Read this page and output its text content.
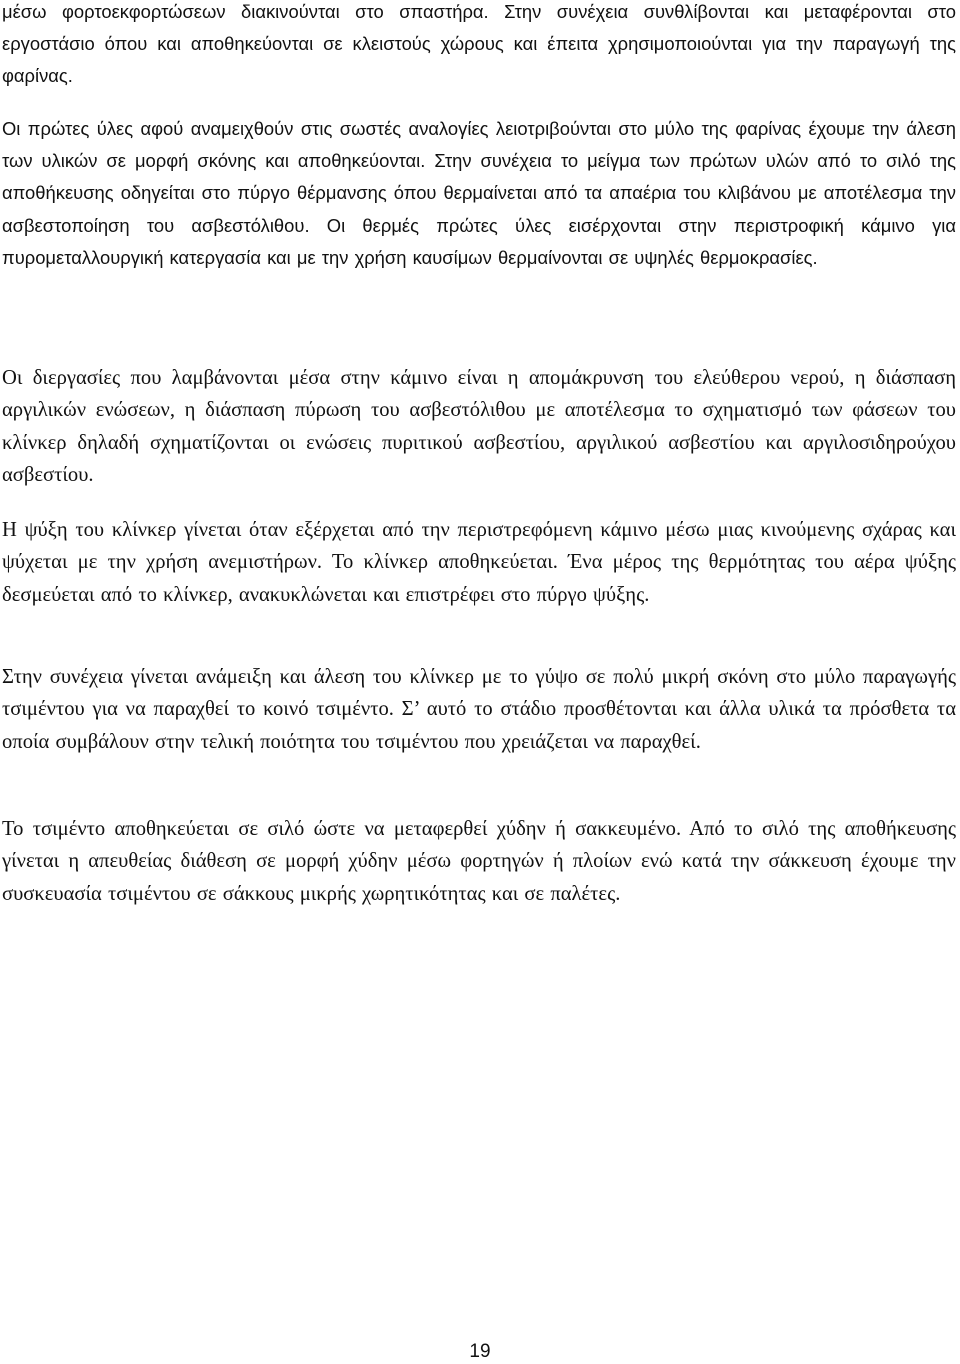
μέσω φορτοεκφορτώσεων διακινούνται στο σπαστήρα. Στην συνέχεια συνθλίβονται και μεταφέρονται στο εργοστάσιο όπου και αποθηκεύονται σε κλειστούς χώρους και έπειτα χρησιμοποιούνται για την παραγωγή της φαρίνας.

Οι πρώτες ύλες αφού αναμειχθούν στις σωστές αναλογίες λειοτριβούνται στο μύλο της φαρίνας έχουμε την άλεση των υλικών σε μορφή σκόνης και αποθηκεύονται. Στην συνέχεια το μείγμα των πρώτων υλών από το σιλό της αποθήκευσης οδηγείται στο πύργο θέρμανσης όπου θερμαίνεται από τα απαέρια του κλιβάνου με αποτέλεσμα την ασβεστοποίηση του ασβεστόλιθου. Οι θερμές πρώτες ύλες εισέρχονται στην περιστροφική κάμινο για πυρομεταλλουργική κατεργασία και με την χρήση καυσίμων θερμαίνονται σε υψηλές θερμοκρασίες.

Οι διεργασίες που λαμβάνονται μέσα στην κάμινο είναι η απομάκρυνση του ελεύθερου νερού, η διάσπαση αργιλικών ενώσεων, η διάσπαση πύρωση του ασβεστόλιθου με αποτέλεσμα το σχηματισμό των φάσεων του κλίνκερ δηλαδή σχηματίζονται οι ενώσεις πυριτικού ασβεστίου, αργιλικού ασβεστίου και αργιλοσιδηρούχου ασβεστίου.

Η ψύξη του κλίνκερ γίνεται όταν εξέρχεται από την περιστρεφόμενη κάμινο μέσω μιας κινούμενης σχάρας και ψύχεται με την χρήση ανεμιστήρων. Το κλίνκερ αποθηκεύεται. Ένα μέρος της θερμότητας του αέρα ψύξης δεσμεύεται από το κλίνκερ, ανακυκλώνεται και επιστρέφει στο πύργο ψύξης.

Στην συνέχεια γίνεται ανάμειξη και άλεση του κλίνκερ με το γύψο σε πολύ μικρή σκόνη στο μύλο παραγωγής τσιμέντου για να παραχθεί το κοινό τσιμέντο. Σ’ αυτό το στάδιο προσθέτονται και άλλα υλικά τα πρόσθετα τα οποία συμβάλουν στην τελική ποιότητα του τσιμέντου που χρειάζεται να παραχθεί.

Το τσιμέντο αποθηκεύεται σε σιλό ώστε να μεταφερθεί χύδην ή σακκευμένο. Από το σιλό της αποθήκευσης γίνεται η απευθείας διάθεση σε μορφή χύδην μέσω φορτηγών ή πλοίων ενώ κατά την σάκκευση έχουμε την συσκευασία τσιμέντου σε σάκκους μικρής χωρητικότητας και σε παλέτες.

19
